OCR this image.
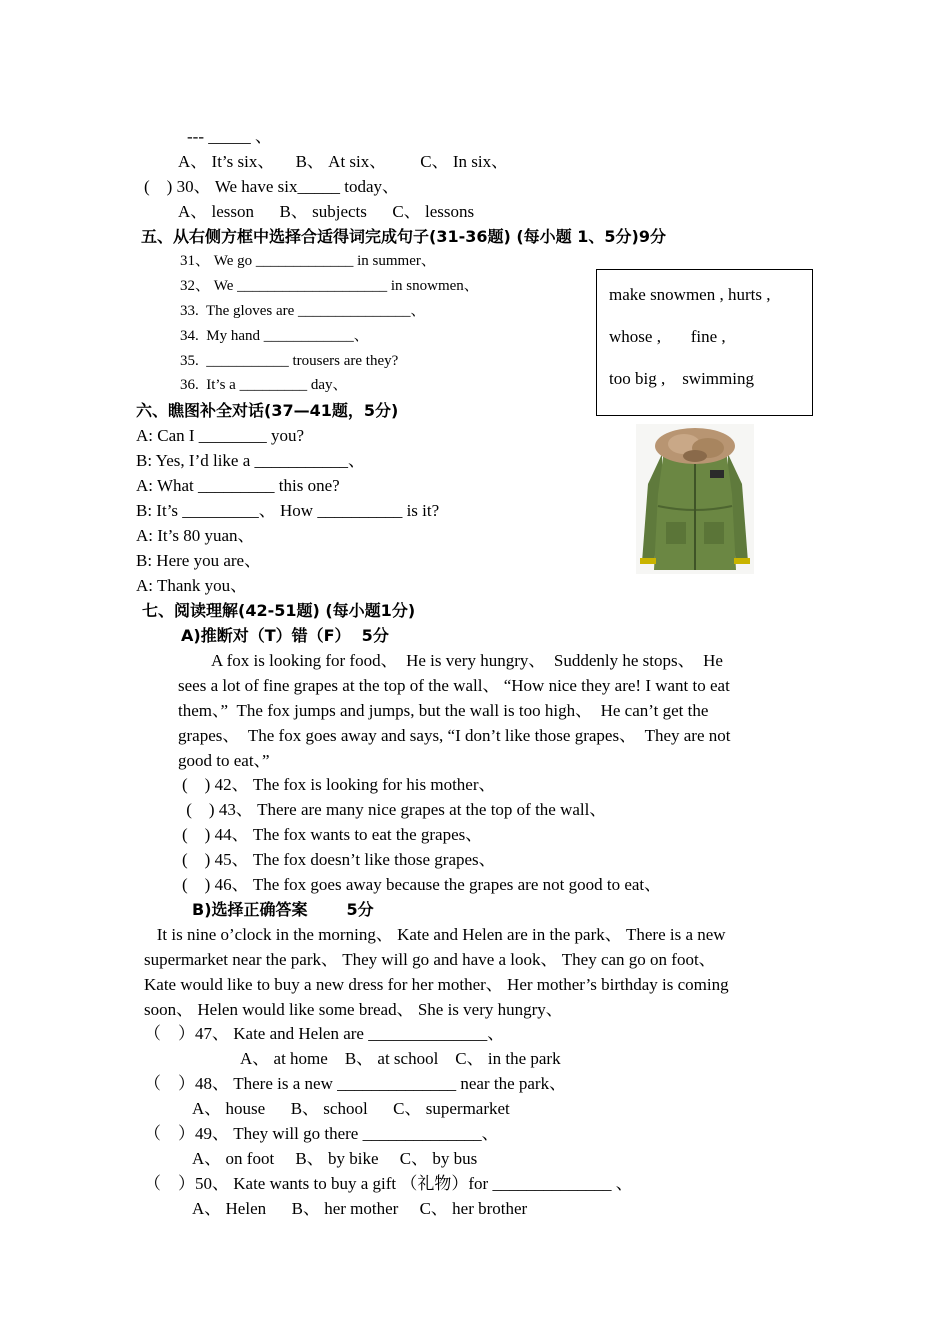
--- _____ 、
A、 It’s six、     B、 At six、        C、 In six、
(    ) 30、 We have six_____ today、
A、 lesson      B、 subjects      C、 lessons
五、从右侧方框中选择合适得词完成句子(31-36题) (每小题 1、5分)9分
31、 We go _____________ in summer、
32、 We ____________________ in snowmen、
33.  The gloves are _______________、
34.  My hand ____________、
35.  ___________ trousers are they?
36.  It’s a _________ day、
make snowmen , hurts ,
whose ,       fine ,
too big ,    swimming
六、瞧图补全对话(37—41题，5分)
A: Can I ________ you?
B: Yes, I’d like a ___________、
A: What _________ this one?
B: It’s _________、 How __________ is it?
A: It’s 80 yuan、
B: Here you are、
A: Thank you、
七、阅读理解(42-51题) (每小题1分)
A)推断对（T）错（F）  5分
A fox is looking for food、  He is very hungry、  Suddenly he stops、  He
sees a lot of fine grapes at the top of the wall、 “How nice they are! I want to eat
them、”  The fox jumps and jumps, but the wall is too high、  He can’t get the
grapes、  The fox goes away and says, “I don’t like those grapes、  They are not
good to eat、”
(    ) 42、 The fox is looking for his mother、
(    ) 43、 There are many nice grapes at the top of the wall、
(    ) 44、 The fox wants to eat the grapes、
(    ) 45、 The fox doesn’t like those grapes、
(    ) 46、 The fox goes away because the grapes are not good to eat、
B)选择正确答案       5分
It is nine o’clock in the morning、 Kate and Helen are in the park、 There is a new
supermarket near the park、 They will go and have a look、 They can go on foot、
Kate would like to buy a new dress for her mother、 Her mother’s birthday is coming
soon、 Helen would like some bread、 She is very hungry、
（    ）47、 Kate and Helen are ______________、
A、 at home    B、 at school    C、 in the park
（    ）48、 There is a new ______________ near the park、
A、 house      B、 school      C、 supermarket
（    ）49、 They will go there ______________、
A、 on foot     B、 by bike     C、 by bus
（    ）50、 Kate wants to buy a gift （礼物）for ______________ 、
A、 Helen      B、 her mother     C、 her brother
